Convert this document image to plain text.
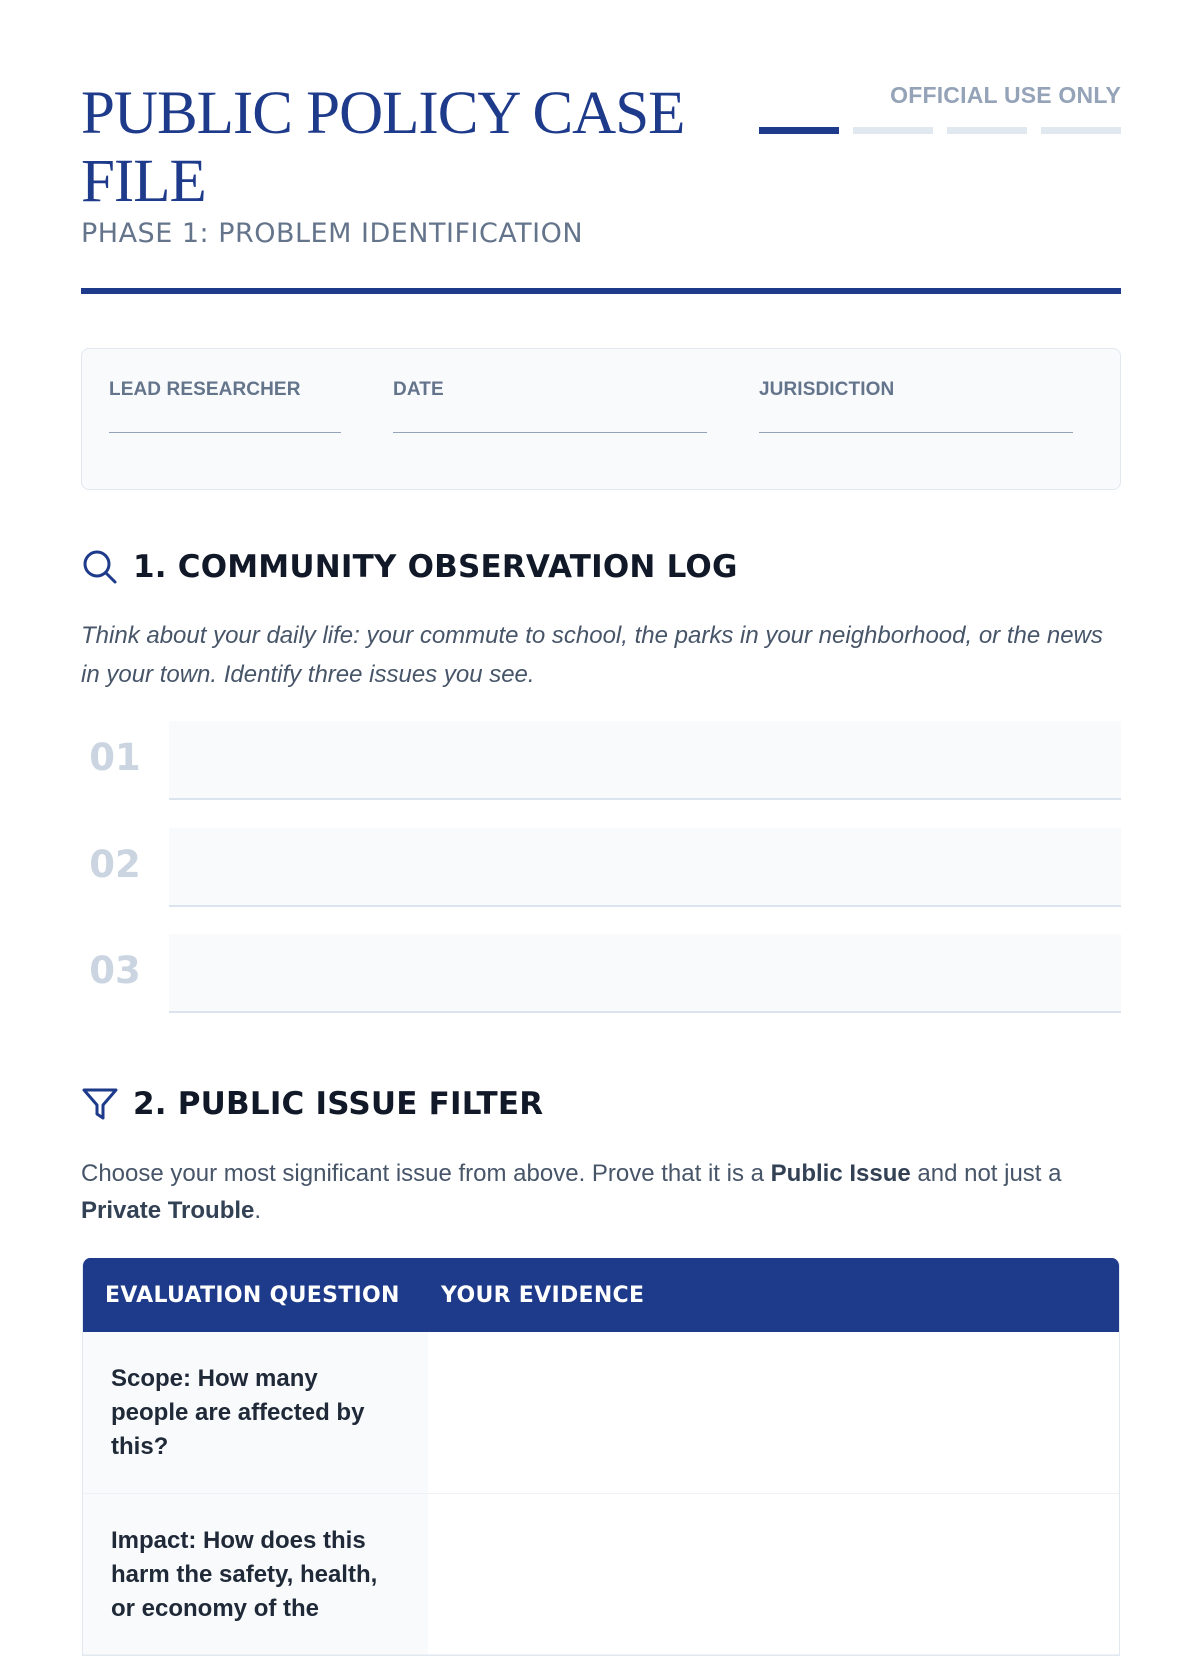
PUBLIC POLICY CASE FILE
PHASE 1: PROBLEM IDENTIFICATION
OFFICIAL USE ONLY
LEAD RESEARCHER	DATE	JURISDICTION
1. COMMUNITY OBSERVATION LOG

Think about your daily life: your commute to school, the parks in your neighborhood, or the news in your town. Identify three issues you see.

01
02
03
2. PUBLIC ISSUE FILTER

Choose your most significant issue from above. Prove that it is a Public Issue and not just a Private Trouble.

EVALUATION QUESTION	YOUR EVIDENCE
Scope: How many people are affected by this?
Impact: How does this harm the safety, health, or economy of the
